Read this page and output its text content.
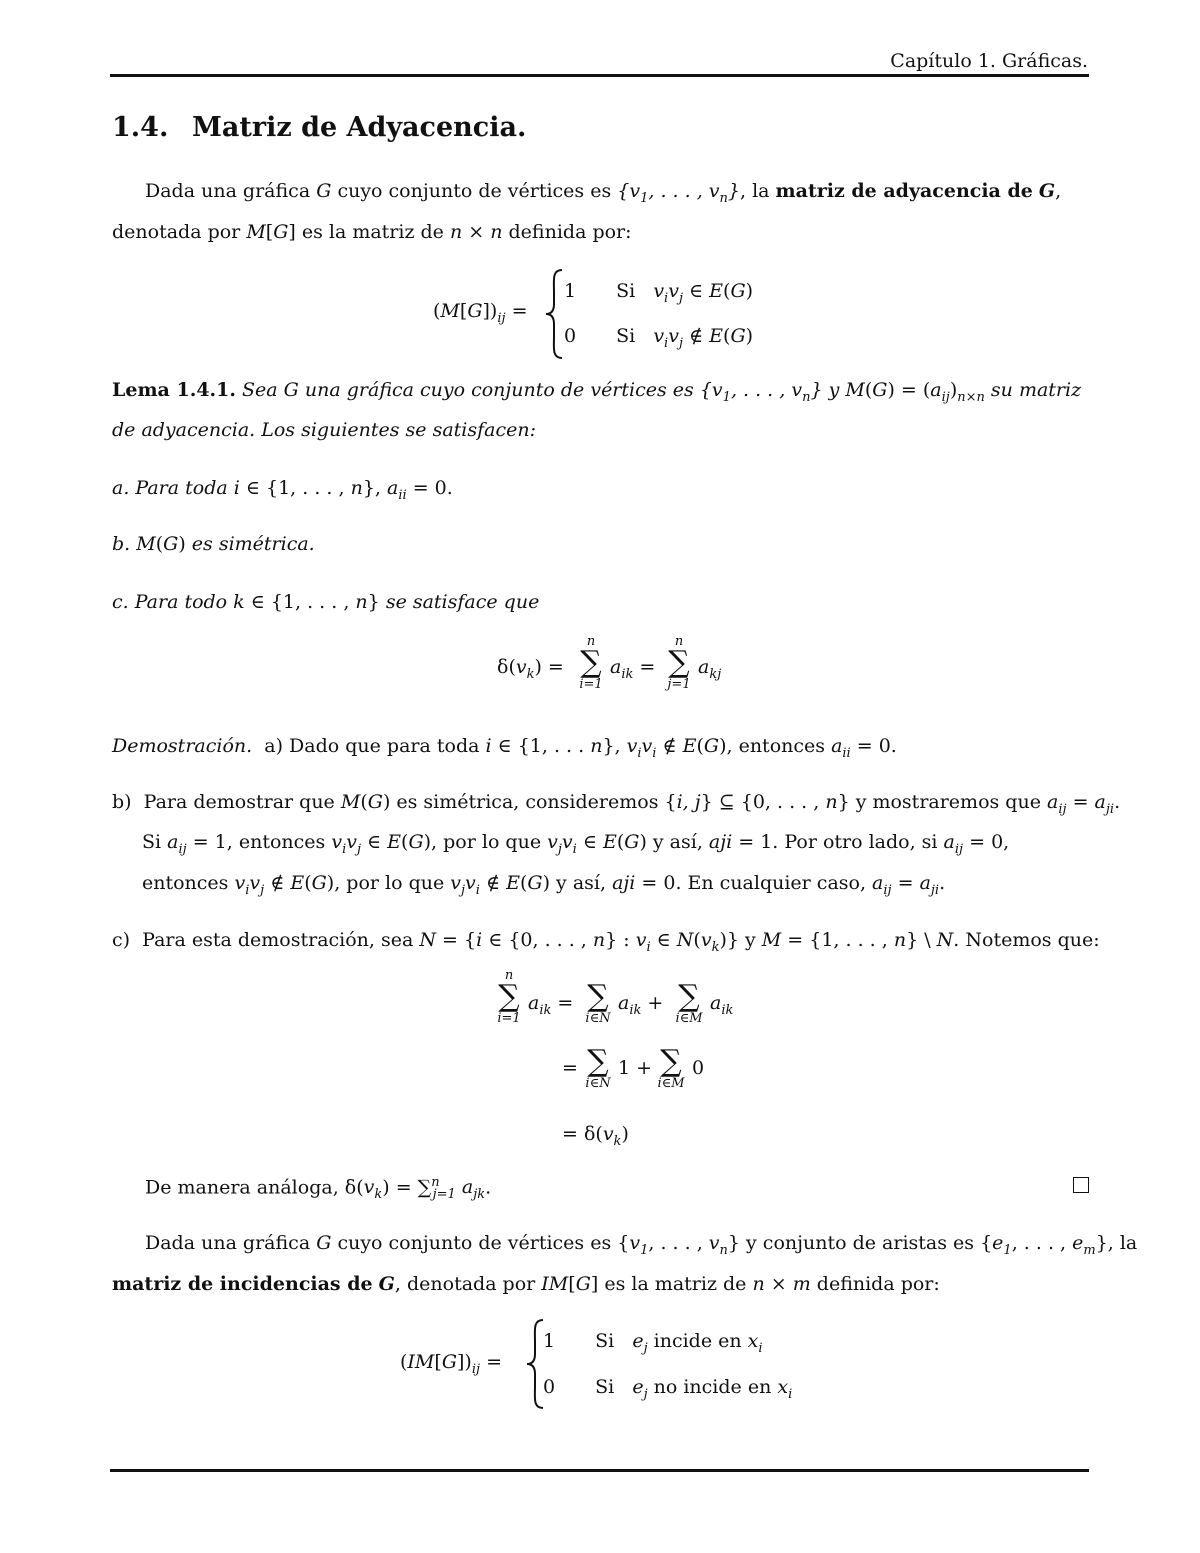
Capítulo 1. Gráficas.
1.4. Matriz de Adyacencia.
Dada una gráfica G cuyo conjunto de vértices es {$v_1$, . . . , $v_n$}, la matriz de adyacencia de G,
denotada por M[G] es la matriz de n × n definida por:
$(M[G])_{ij}$ =
1 Si $v_iv_j$ ∈ E(G)
0 Si $v_iv_j$ ∉ E(G)
Lema 1.4.1. Sea G una gráfica cuyo conjunto de vértices es {$v_1$, . . . , $v_n$} y $M(G) = (a_{ij})_{n\times n}$ su matriz
de adyacencia. Los siguientes se satisfacen:
a. Para toda i ∈ {1, . . . , n}, $a_{ii} = 0$.
b. M(G) es simétrica.
c. Para todo k ∈ {1, . . . , n} se satisface que
$\delta(v_k)$ =
n
∑
i=1
$a_{ik}$ =
n
∑
j=1
$a_{kj}$
Demostración. a) Dado que para toda i ∈ {1, . . . n}, $v_iv_i$ ∉ E(G), entonces $a_{ii} = 0$.
b) Para demostrar que M(G) es simétrica, consideremos {i, j} ⊆ {0, . . . , n} y mostraremos que $a_{ij} = a_{ji}$.
Si $a_{ij} = 1$, entonces $v_iv_j$ ∈ E(G), por lo que $v_jv_i$ ∈ E(G) y así, aji = 1. Por otro lado, si $a_{ij} = 0$,
entonces $v_iv_j$ ∉ E(G), por lo que $v_jv_i$ ∉ E(G) y así, aji = 0. En cualquier caso, $a_{ij} = a_{ji}$.
c) Para esta demostración, sea N = {i ∈ {0, . . . , n} : $v_i$ ∈ $N(v_k)$} y M = {1, . . . , n} \ N. Notemos que:
n
∑
i=1
$a_{ik}$ = ∑
i∈N
$a_{ik}$ + ∑
i∈M
$a_{ik}$
= ∑
i∈N
1 + ∑
i∈M
0
= $\delta(v_k)$
De manera análoga, $\delta(v_k) = \sum^n_{j=1}$ $a_{jk}$.
Dada una gráfica G cuyo conjunto de vértices es {$v_1$, . . . , $v_n$} y conjunto de aristas es {$e_1$, . . . , $e_m$}, la
matriz de incidencias de G, denotada por IM[G] es la matriz de n × m definida por:
$(IM[G])_{ij}$ =
1 Si $e_j$ incide en $x_i$
0 Si $e_j$ no incide en $x_i$
